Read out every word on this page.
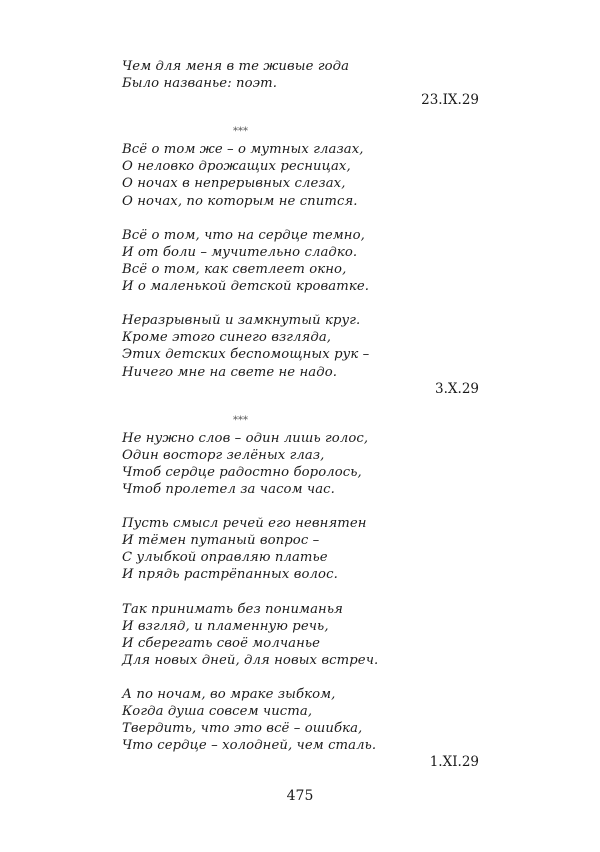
Чем для меня в те живые года
Было названье: поэт.
23.IX.29
***
Всё о том же – о мутных глазах,
О неловко дрожащих ресницах,
О ночах в непрерывных слезах,
О ночах, по которым не спится.
Всё о том, что на сердце темно,
И от боли – мучительно сладко.
Всё о том, как светлеет окно,
И о маленькой детской кроватке.
Неразрывный и замкнутый круг.
Кроме этого синего взгляда,
Этих детских беспомощных рук –
Ничего мне на свете не надо.
3.X.29
***
Не нужно слов – один лишь голос,
Один восторг зелёных глаз,
Чтоб сердце радостно боролось,
Чтоб пролетел за часом час.
Пусть смысл речей его невнятен
И тёмен путаный вопрос –
С улыбкой оправляю платье
И прядь растрёпанных волос.
Так принимать без пониманья
И взгляд, и пламенную речь,
И сберегать своё молчанье
Для новых дней, для новых встреч.
А по ночам, во мраке зыбком,
Когда душа совсем чиста,
Твердить, что это всё – ошибка,
Что сердце – холодней, чем сталь.
1.XI.29
475
